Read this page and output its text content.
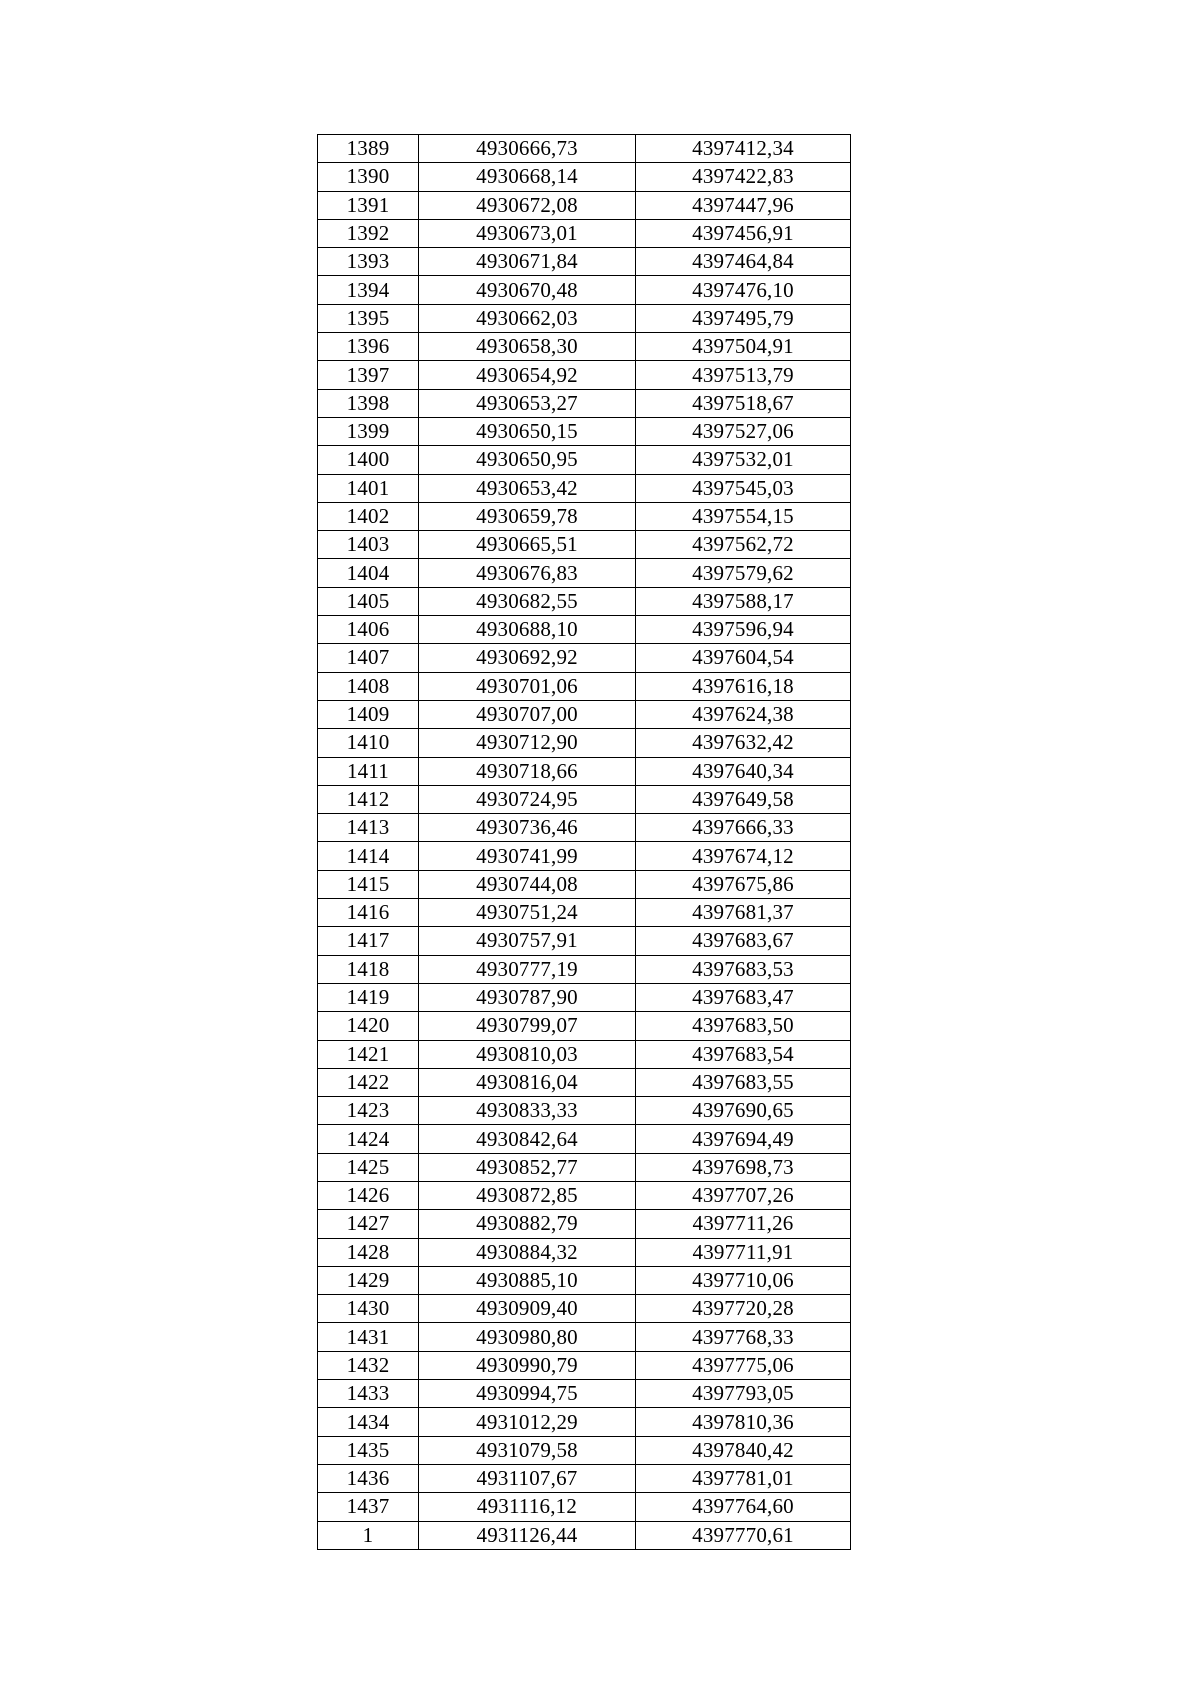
1389	4930666,73	4397412,34
1390	4930668,14	4397422,83
1391	4930672,08	4397447,96
1392	4930673,01	4397456,91
1393	4930671,84	4397464,84
1394	4930670,48	4397476,10
1395	4930662,03	4397495,79
1396	4930658,30	4397504,91
1397	4930654,92	4397513,79
1398	4930653,27	4397518,67
1399	4930650,15	4397527,06
1400	4930650,95	4397532,01
1401	4930653,42	4397545,03
1402	4930659,78	4397554,15
1403	4930665,51	4397562,72
1404	4930676,83	4397579,62
1405	4930682,55	4397588,17
1406	4930688,10	4397596,94
1407	4930692,92	4397604,54
1408	4930701,06	4397616,18
1409	4930707,00	4397624,38
1410	4930712,90	4397632,42
1411	4930718,66	4397640,34
1412	4930724,95	4397649,58
1413	4930736,46	4397666,33
1414	4930741,99	4397674,12
1415	4930744,08	4397675,86
1416	4930751,24	4397681,37
1417	4930757,91	4397683,67
1418	4930777,19	4397683,53
1419	4930787,90	4397683,47
1420	4930799,07	4397683,50
1421	4930810,03	4397683,54
1422	4930816,04	4397683,55
1423	4930833,33	4397690,65
1424	4930842,64	4397694,49
1425	4930852,77	4397698,73
1426	4930872,85	4397707,26
1427	4930882,79	4397711,26
1428	4930884,32	4397711,91
1429	4930885,10	4397710,06
1430	4930909,40	4397720,28
1431	4930980,80	4397768,33
1432	4930990,79	4397775,06
1433	4930994,75	4397793,05
1434	4931012,29	4397810,36
1435	4931079,58	4397840,42
1436	4931107,67	4397781,01
1437	4931116,12	4397764,60
1	4931126,44	4397770,61
